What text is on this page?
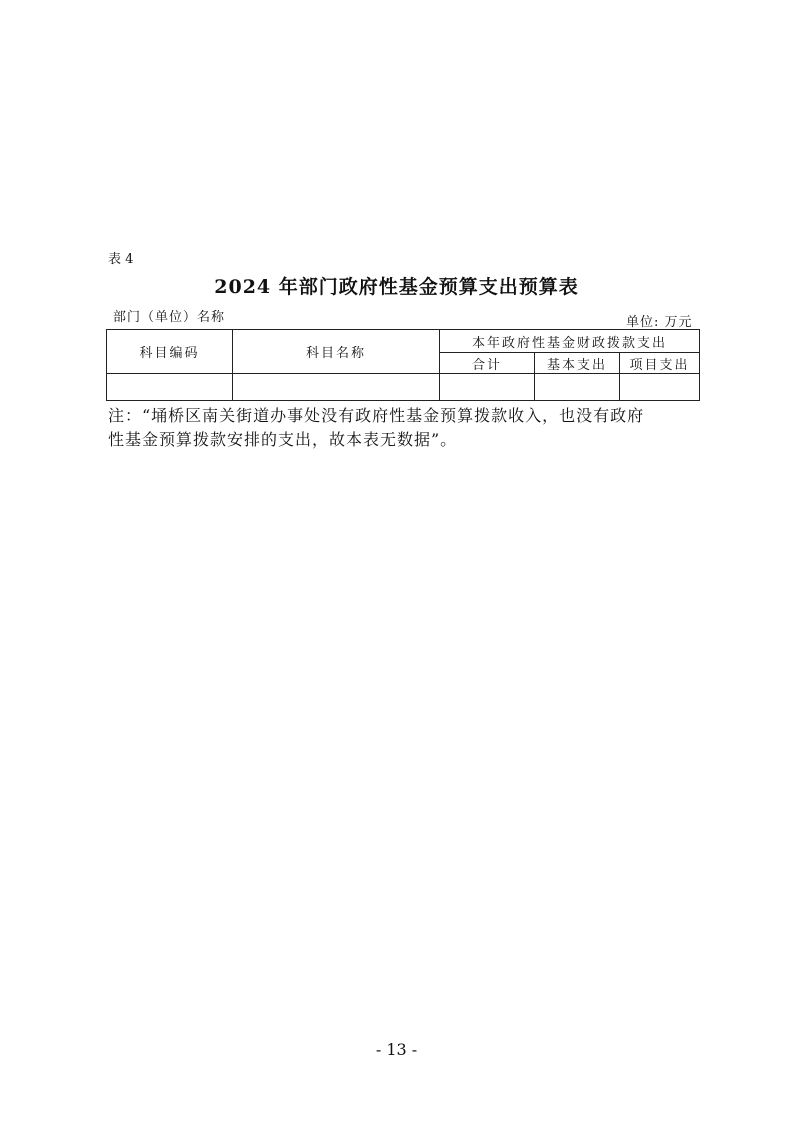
表 4
2024 年部门政府性基金预算支出预算表
部门（单位）名称	单位: 万元
科目编码	科目名称	本年政府性基金财政拨款支出		
		合计	基本支出	项目支出

注：“埇桥区南关街道办事处没有政府性基金预算拨款收入，也没有政府
性基金预算拨款安排的支出，故本表无数据”。
- 13 -
